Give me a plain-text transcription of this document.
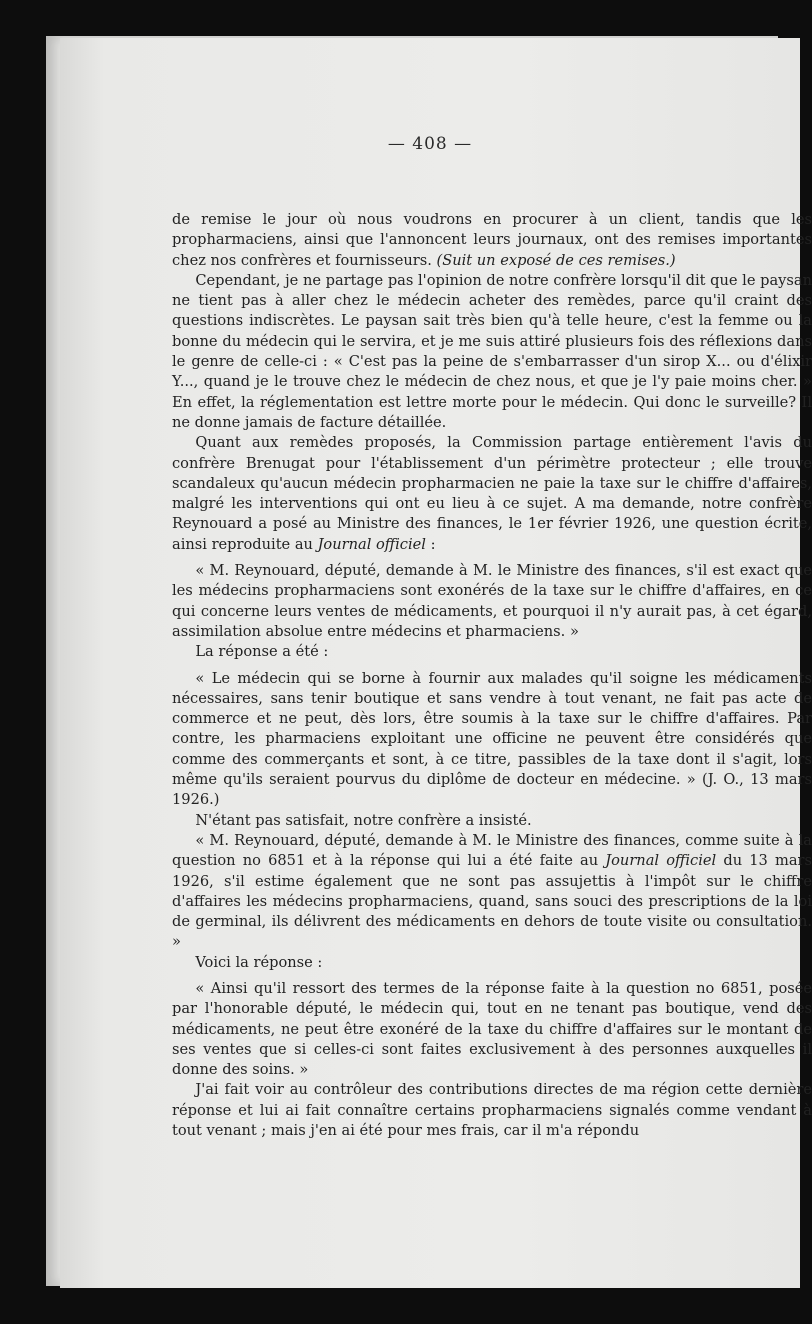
— 408 —

de remise le jour où nous voudrons en procurer à un client, tandis que les propharmaciens, ainsi que l'annoncent leurs journaux, ont des remises importantes chez nos confrères et fournisseurs. (Suit un exposé de ces remises.)

Cependant, je ne partage pas l'opinion de notre confrère lorsqu'il dit que le paysan ne tient pas à aller chez le médecin acheter des remèdes, parce qu'il craint des questions indiscrètes. Le paysan sait très bien qu'à telle heure, c'est la femme ou la bonne du médecin qui le servira, et je me suis attiré plusieurs fois des réflexions dans le genre de celle-ci : « C'est pas la peine de s'embarrasser d'un sirop X... ou d'élixir Y..., quand je le trouve chez le médecin de chez nous, et que je l'y paie moins cher. » En effet, la réglementation est lettre morte pour le médecin. Qui donc le surveille? Il ne donne jamais de facture détaillée.

Quant aux remèdes proposés, la Commission partage entièrement l'avis du confrère Brenugat pour l'établissement d'un périmètre protecteur ; elle trouve scandaleux qu'aucun médecin propharmacien ne paie la taxe sur le chiffre d'affaires, malgré les interventions qui ont eu lieu à ce sujet. A ma demande, notre confrère Reynouard a posé au Ministre des finances, le 1er février 1926, une question écrite, ainsi reproduite au Journal officiel :

« M. Reynouard, député, demande à M. le Ministre des finances, s'il est exact que les médecins propharmaciens sont exonérés de la taxe sur le chiffre d'affaires, en ce qui concerne leurs ventes de médicaments, et pourquoi il n'y aurait pas, à cet égard, assimilation absolue entre médecins et pharmaciens. »

La réponse a été :

« Le médecin qui se borne à fournir aux malades qu'il soigne les médicaments nécessaires, sans tenir boutique et sans vendre à tout venant, ne fait pas acte de commerce et ne peut, dès lors, être soumis à la taxe sur le chiffre d'affaires. Par contre, les pharmaciens exploitant une officine ne peuvent être considérés que comme des commerçants et sont, à ce titre, passibles de la taxe dont il s'agit, lors même qu'ils seraient pourvus du diplôme de docteur en médecine. » (J. O., 13 mars 1926.)

N'étant pas satisfait, notre confrère a insisté.

« M. Reynouard, député, demande à M. le Ministre des finances, comme suite à la question no 6851 et à la réponse qui lui a été faite au Journal officiel du 13 mars 1926, s'il estime également que ne sont pas assujettis à l'impôt sur le chiffre d'affaires les médecins propharmaciens, quand, sans souci des prescriptions de la loi de germinal, ils délivrent des médicaments en dehors de toute visite ou consultation. »

Voici la réponse :

« Ainsi qu'il ressort des termes de la réponse faite à la question no 6851, posée par l'honorable député, le médecin qui, tout en ne tenant pas boutique, vend des médicaments, ne peut être exonéré de la taxe du chiffre d'affaires sur le montant de ses ventes que si celles-ci sont faites exclusivement à des personnes auxquelles il donne des soins. »

J'ai fait voir au contrôleur des contributions directes de ma région cette dernière réponse et lui ai fait connaître certains propharmaciens signalés comme vendant à tout venant ; mais j'en ai été pour mes frais, car il m'a répondu
